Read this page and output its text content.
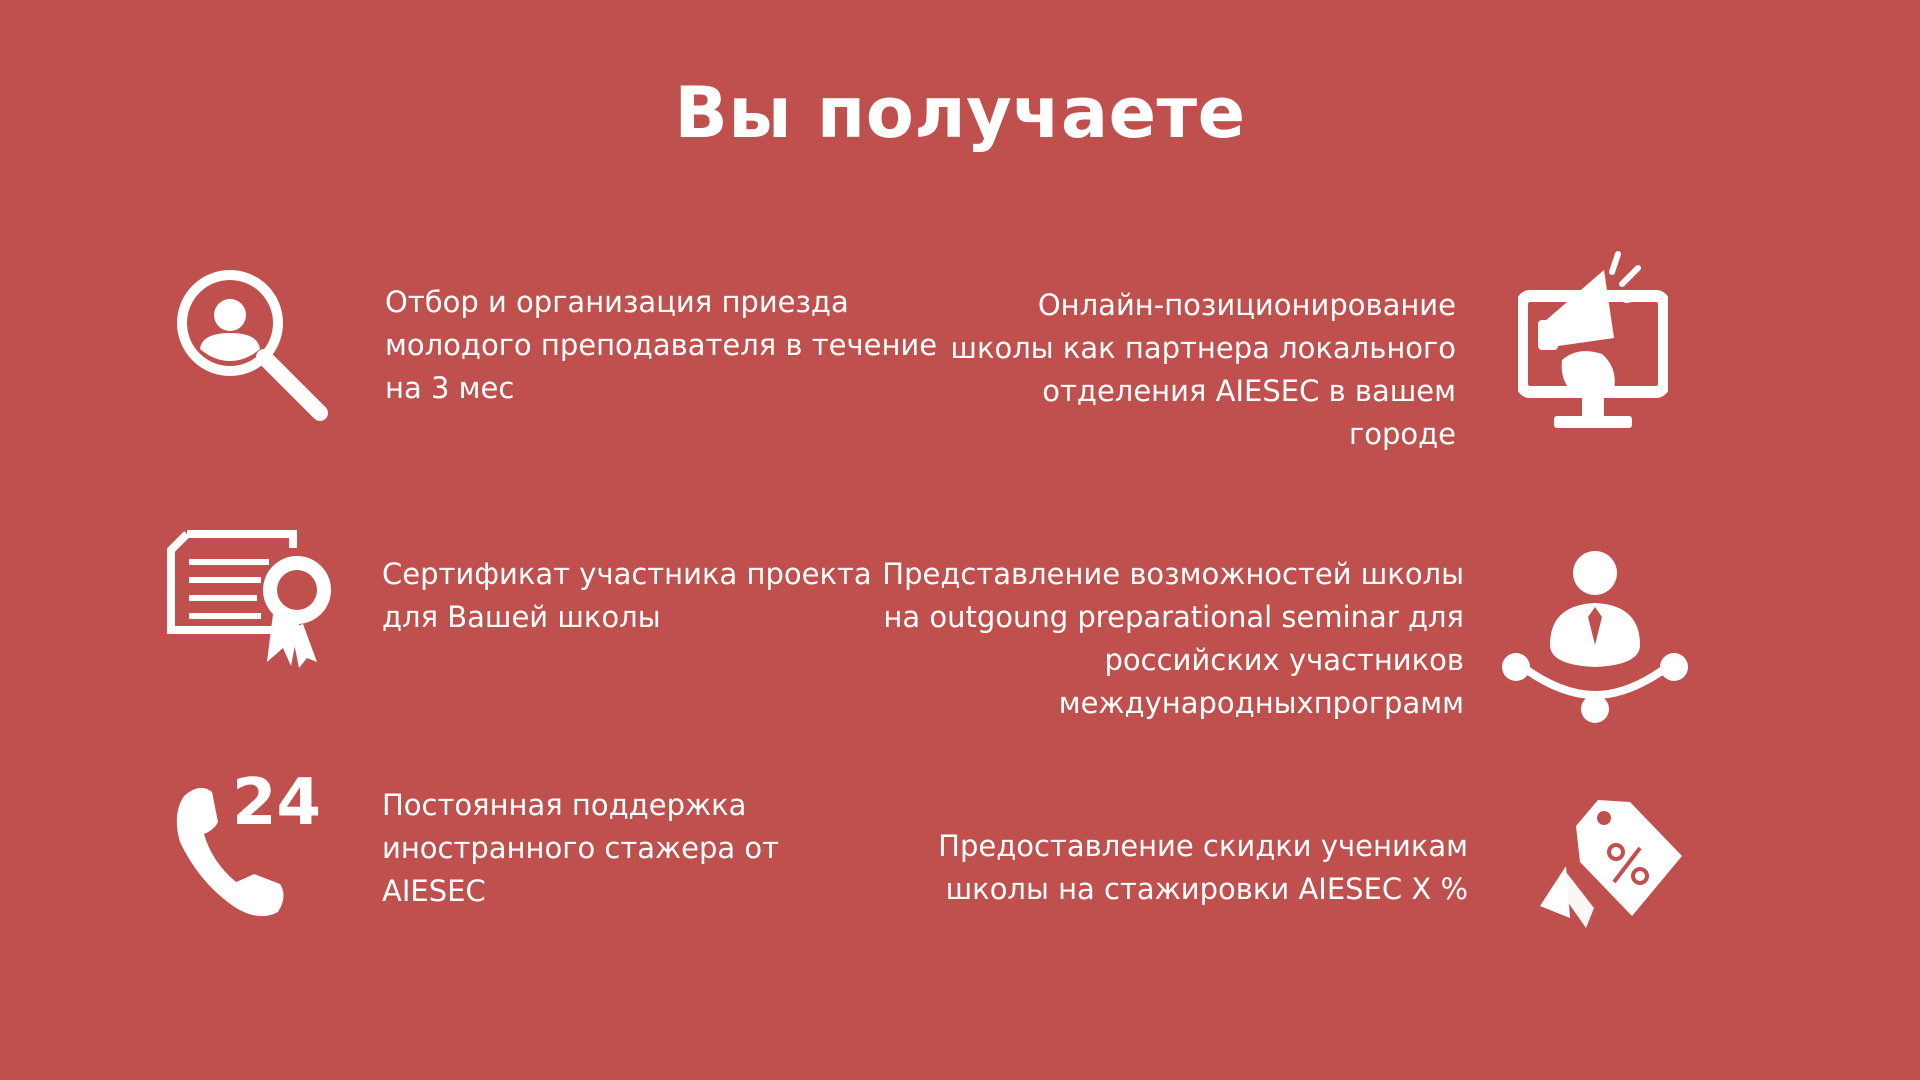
Вы получаете
Отбор и организация приезда
молодого преподавателя в течение
на 3 мес
Онлайн-позиционирование
школы как партнера локального
отделения AIESEC в вашем
городе
Сертификат участника проекта
для Вашей школы
Представление возможностей школы
на outgoung preparational seminar для
российских участников
международныхпрограмм
24 Постоянная поддержка
иностранного стажера от
AIESEC
Предоставление скидки ученикам
школы на стажировки AIESEC X %
